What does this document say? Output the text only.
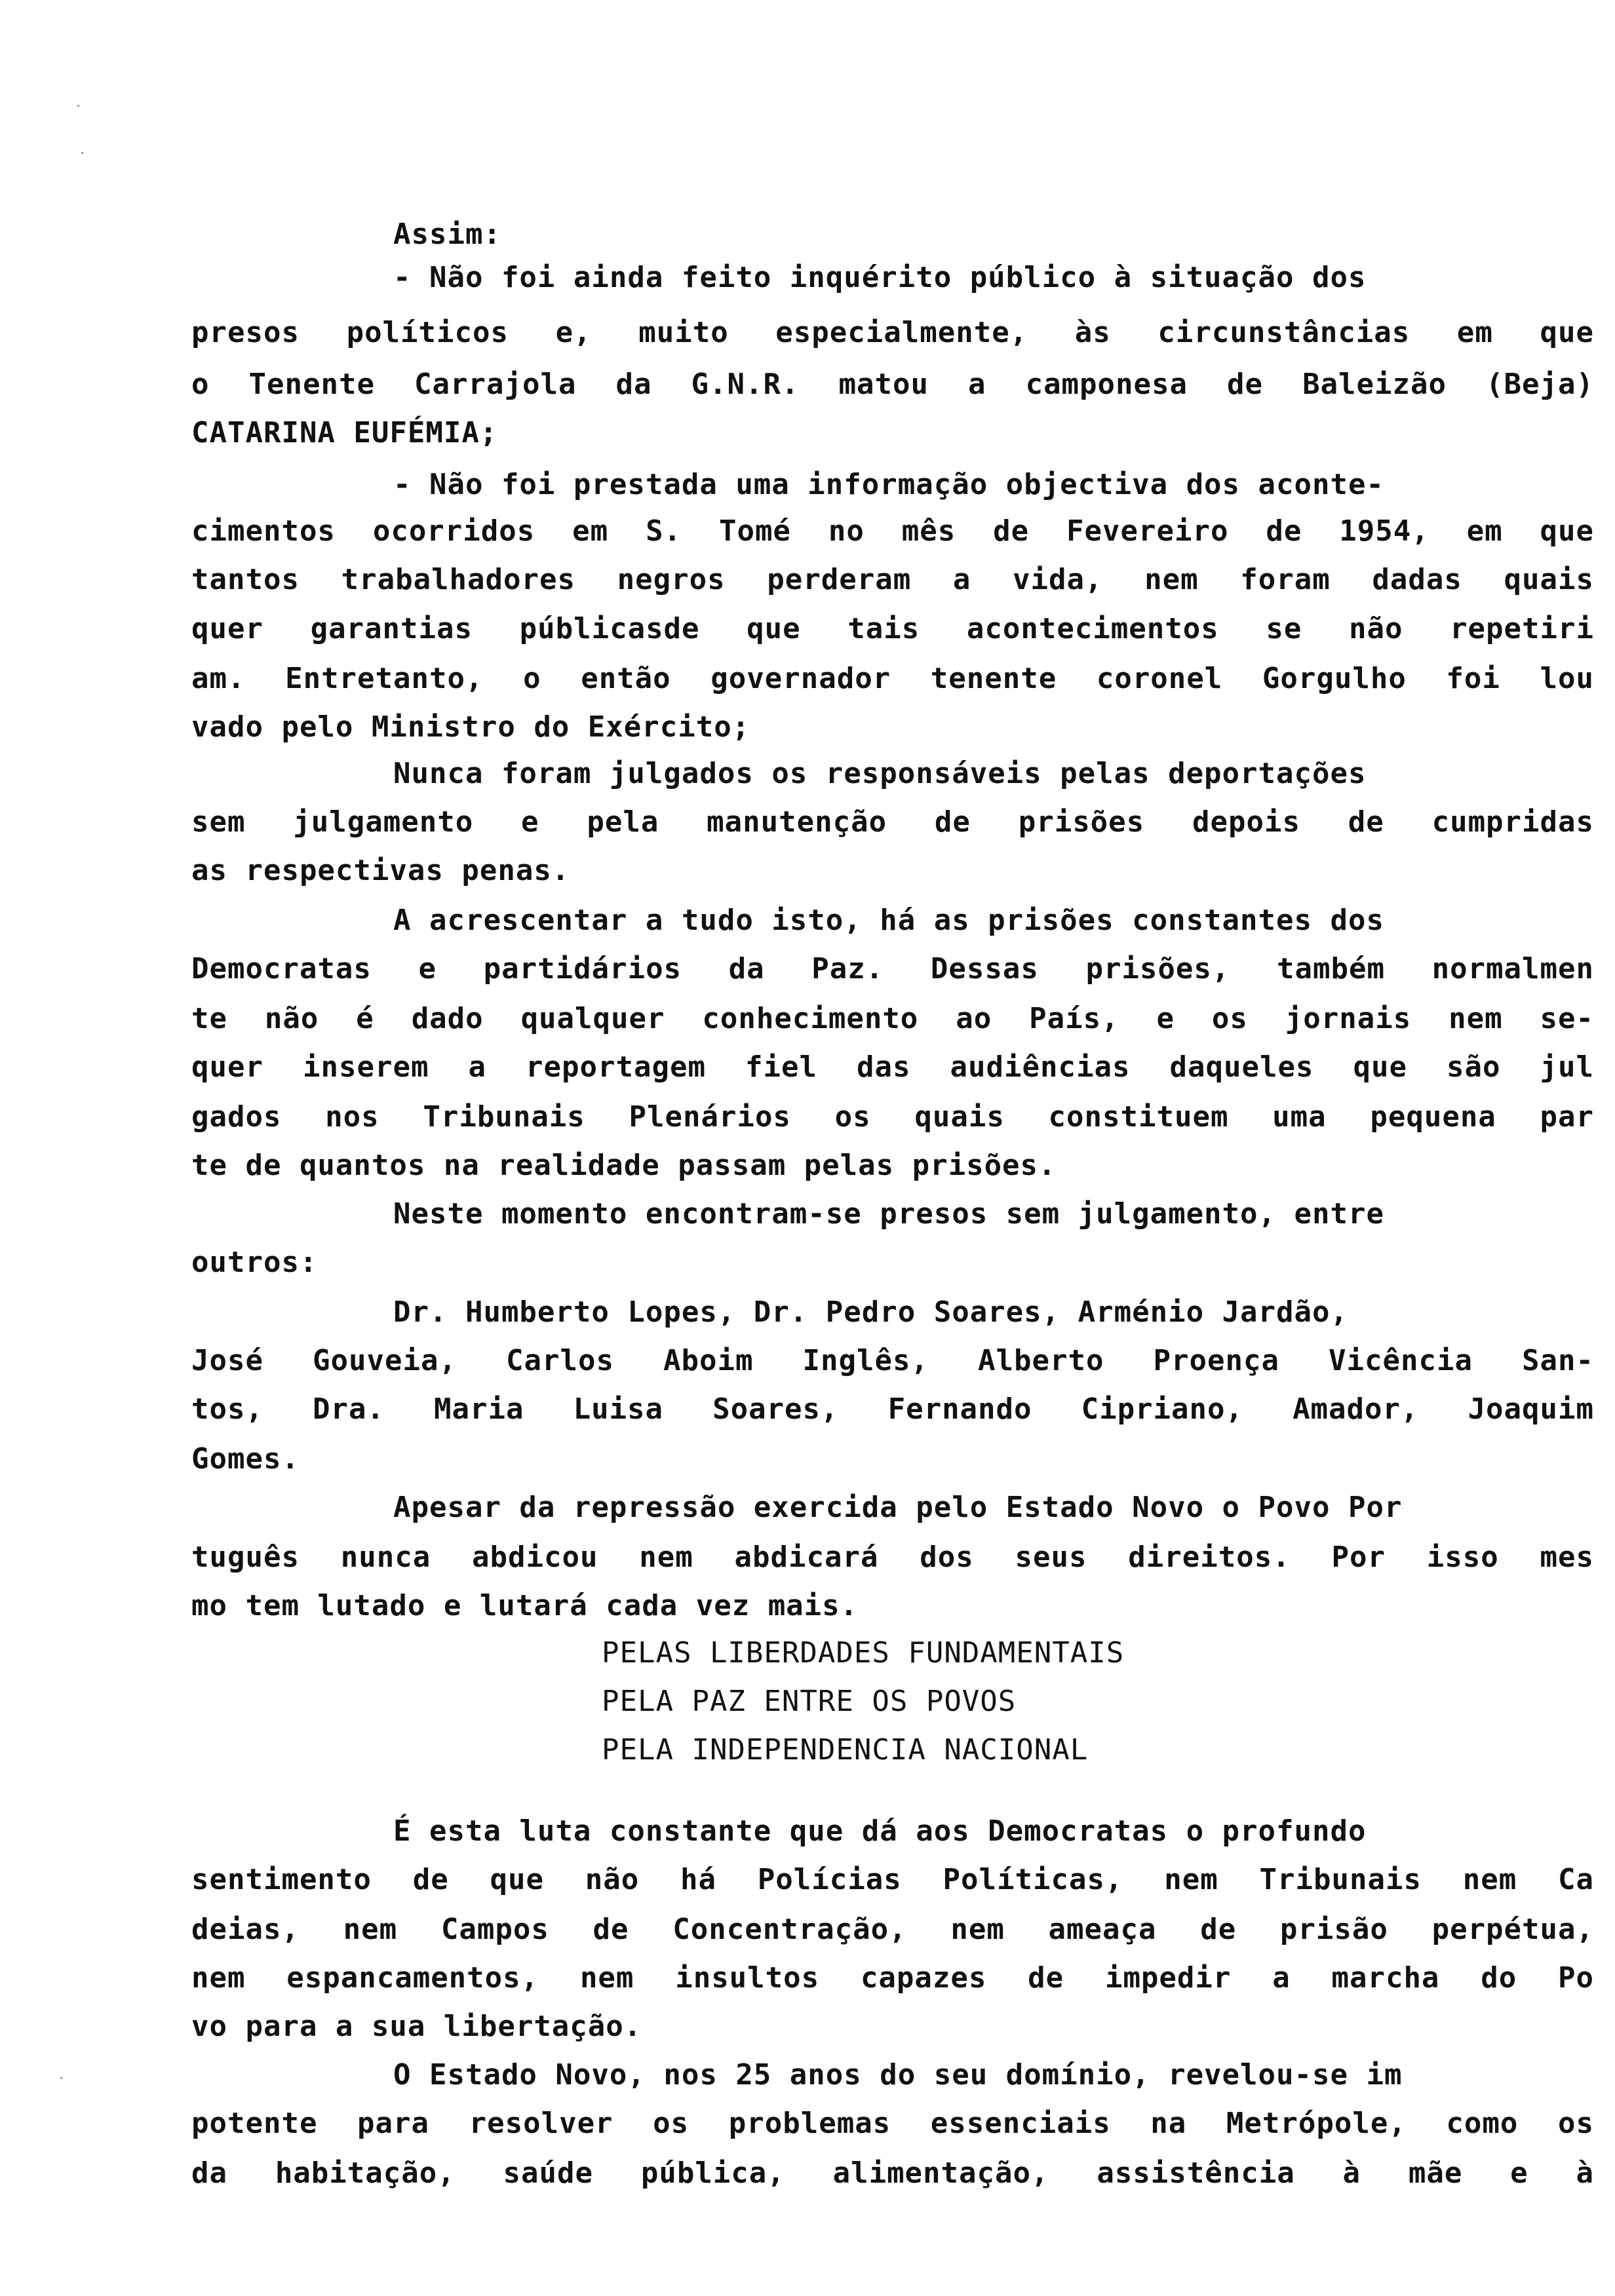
Assim:
- Não foi ainda feito inquérito público à situação dos
presos políticos e, muito especialmente, às circunstâncias em que
o Tenente Carrajola da G.N.R. matou a camponesa de Baleizão (Beja)
CATARINA EUFÉMIA;
- Não foi prestada uma informação objectiva dos aconte-
cimentos ocorridos em S. Tomé no mês de Fevereiro de 1954, em que
tantos trabalhadores negros perderam a vida, nem foram dadas quais
quer garantias públicasde que tais acontecimentos se não repetiri
am. Entretanto, o então governador tenente coronel Gorgulho foi lou
vado pelo Ministro do Exército;
Nunca foram julgados os responsáveis pelas deportações
sem julgamento e pela manutenção de prisões depois de cumpridas
as respectivas penas.
A acrescentar a tudo isto, há as prisões constantes dos
Democratas e partidários da Paz. Dessas prisões, também normalmen
te não é dado qualquer conhecimento ao País, e os jornais nem se-
quer inserem a reportagem fiel das audiências daqueles que são jul
gados nos Tribunais Plenários os quais constituem uma pequena par
te de quantos na realidade passam pelas prisões.
Neste momento encontram-se presos sem julgamento, entre
outros:
Dr. Humberto Lopes, Dr. Pedro Soares, Arménio Jardão,
José Gouveia, Carlos Aboim Inglês, Alberto Proença Vicência San-
tos, Dra. Maria Luisa Soares, Fernando Cipriano, Amador, Joaquim
Gomes.
Apesar da repressão exercida pelo Estado Novo o Povo Por
tuguês nunca abdicou nem abdicará dos seus direitos. Por isso mes
mo tem lutado e lutará cada vez mais.
PELAS LIBERDADES FUNDAMENTAIS
PELA PAZ ENTRE OS POVOS
PELA INDEPENDENCIA NACIONAL
É esta luta constante que dá aos Democratas o profundo
sentimento de que não há Polícias Políticas, nem Tribunais nem Ca
deias, nem Campos de Concentração, nem ameaça de prisão perpétua,
nem espancamentos, nem insultos capazes de impedir a marcha do Po
vo para a sua libertação.
O Estado Novo, nos 25 anos do seu domínio, revelou-se im
potente para resolver os problemas essenciais na Metrópole, como os
da habitação, saúde pública, alimentação, assistência à mãe e à
